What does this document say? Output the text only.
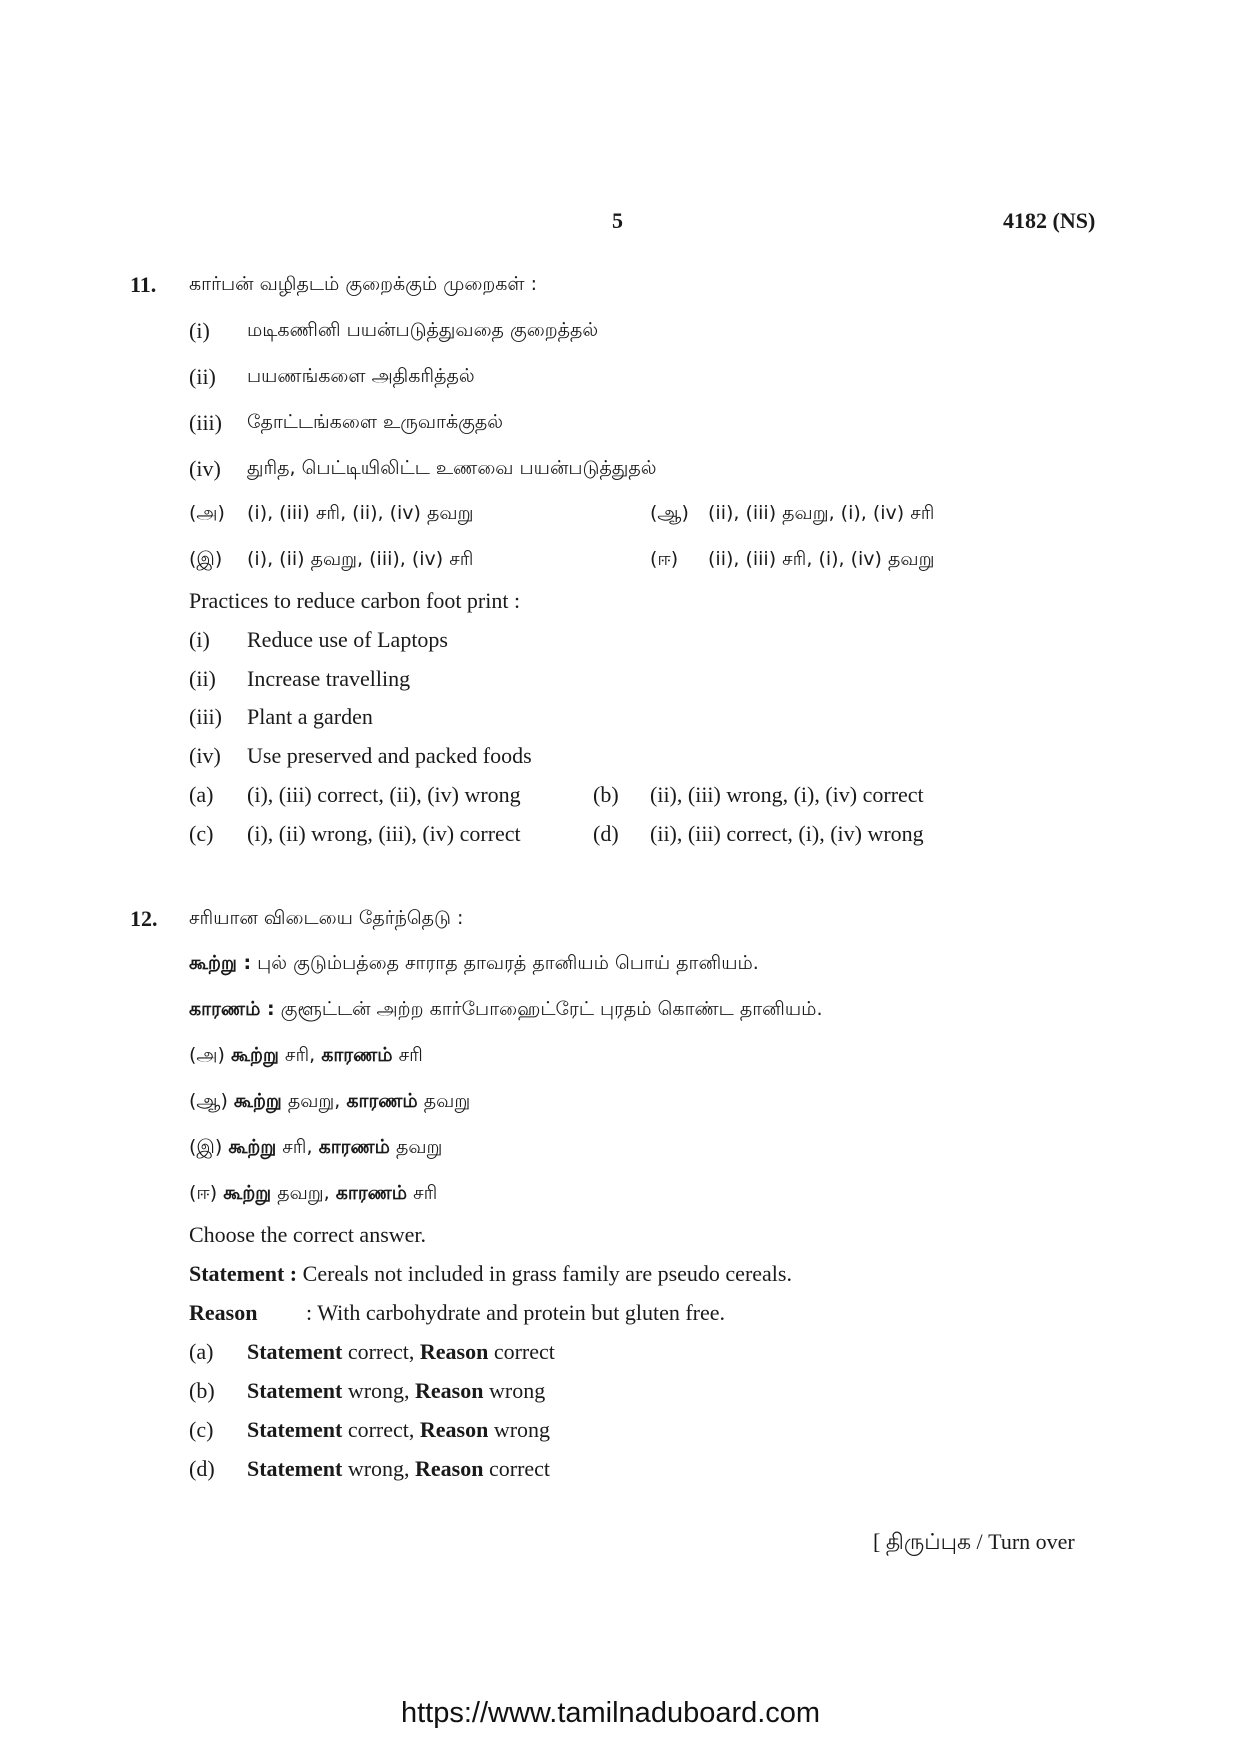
5	4182 (NS)
11. கார்பன் வழிதடம் குறைக்கும் முறைகள் :
(i) மடிகணினி பயன்படுத்துவதை குறைத்தல்
(ii) பயணங்களை அதிகரித்தல்
(iii) தோட்டங்களை உருவாக்குதல்
(iv) துரித, பெட்டியிலிட்ட உணவை பயன்படுத்துதல்
(அ) (i), (iii) சரி, (ii), (iv) தவறு	(ஆ) (ii), (iii) தவறு, (i), (iv) சரி
(இ) (i), (ii) தவறு, (iii), (iv) சரி	(ஈ) (ii), (iii) சரி, (i), (iv) தவறு
Practices to reduce carbon foot print :
(i) Reduce use of Laptops
(ii) Increase travelling
(iii) Plant a garden
(iv) Use preserved and packed foods
(a) (i), (iii) correct, (ii), (iv) wrong	(b) (ii), (iii) wrong, (i), (iv) correct
(c) (i), (ii) wrong, (iii), (iv) correct	(d) (ii), (iii) correct, (i), (iv) wrong
12. சரியான விடையை தேர்ந்தெடு :
கூற்று : புல் குடும்பத்தை சாராத தாவரத் தானியம் பொய் தானியம்.
காரணம் : குளூட்டன் அற்ற கார்போஹைட்ரேட் புரதம் கொண்ட தானியம்.
(அ) கூற்று சரி, காரணம் சரி
(ஆ) கூற்று தவறு, காரணம் தவறு
(இ) கூற்று சரி, காரணம் தவறு
(ஈ) கூற்று தவறு, காரணம் சரி
Choose the correct answer.
Statement : Cereals not included in grass family are pseudo cereals.
Reason : With carbohydrate and protein but gluten free.
(a) Statement correct, Reason correct
(b) Statement wrong, Reason wrong
(c) Statement correct, Reason wrong
(d) Statement wrong, Reason correct
[ திருப்புக / Turn over
https://www.tamilnaduboard.com
